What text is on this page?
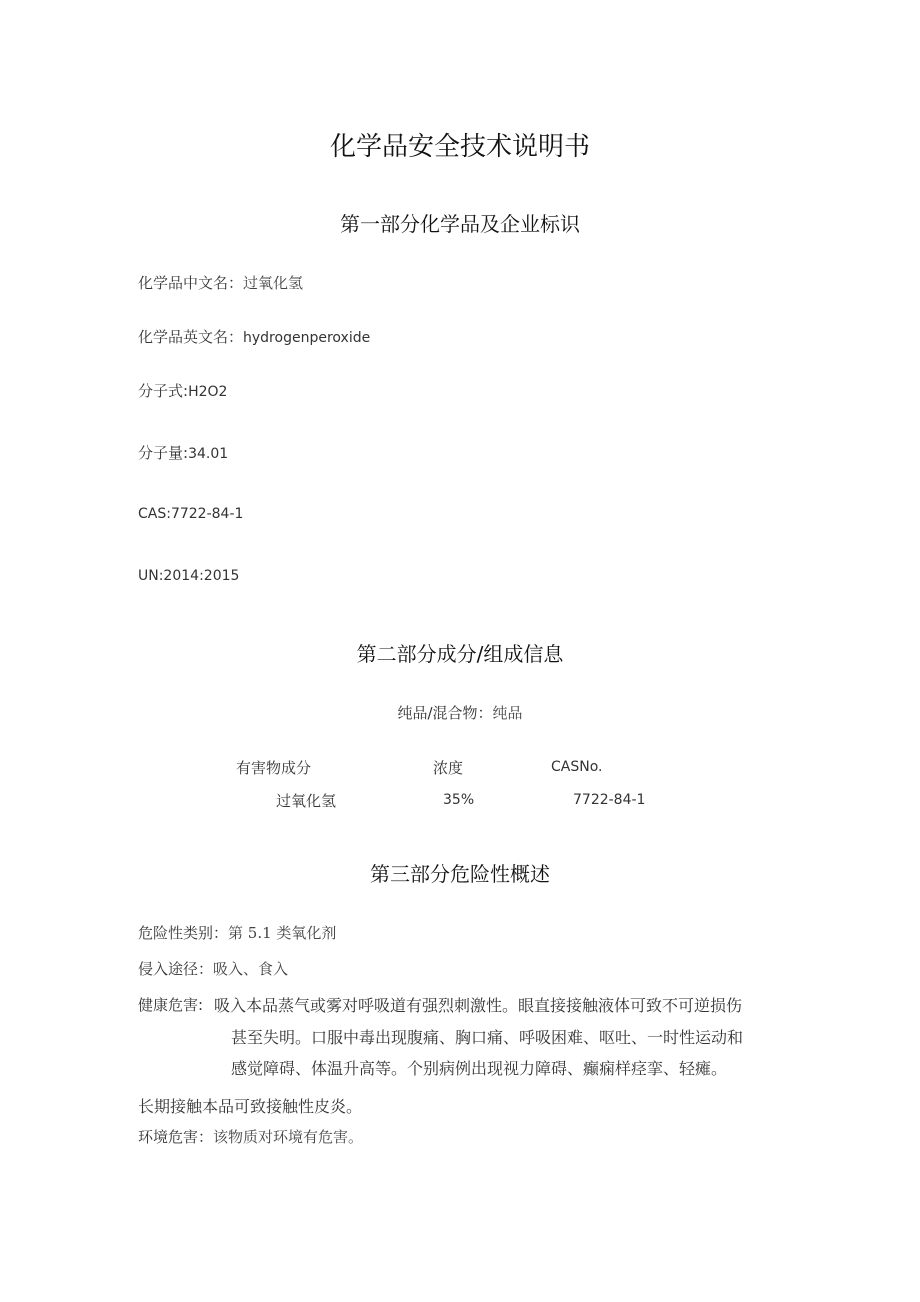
化学品安全技术说明书
第一部分化学品及企业标识
化学品中文名：过氧化氢
化学品英文名：hydrogenperoxide
分子式:H2O2
分子量:34.01
CAS:7722-84-1
UN:2014:2015
第二部分成分/组成信息
纯品/混合物：纯品
有害物成分	浓度	CASNo.
过氧化氢	35%	7722-84-1
第三部分危险性概述
危险性类别：第 5.1 类氧化剂
侵入途径：吸入、食入
健康危害: 吸入本品蒸气或雾对呼吸道有强烈刺激性。眼直接接触液体可致不可逆损伤
甚至失明。口服中毒出现腹痛、胸口痛、呼吸困难、呕吐、一时性运动和
感觉障碍、体温升高等。个别病例出现视力障碍、癫痫样痉挛、轻瘫。
长期接触本品可致接触性皮炎。
环境危害：该物质对环境有危害。
